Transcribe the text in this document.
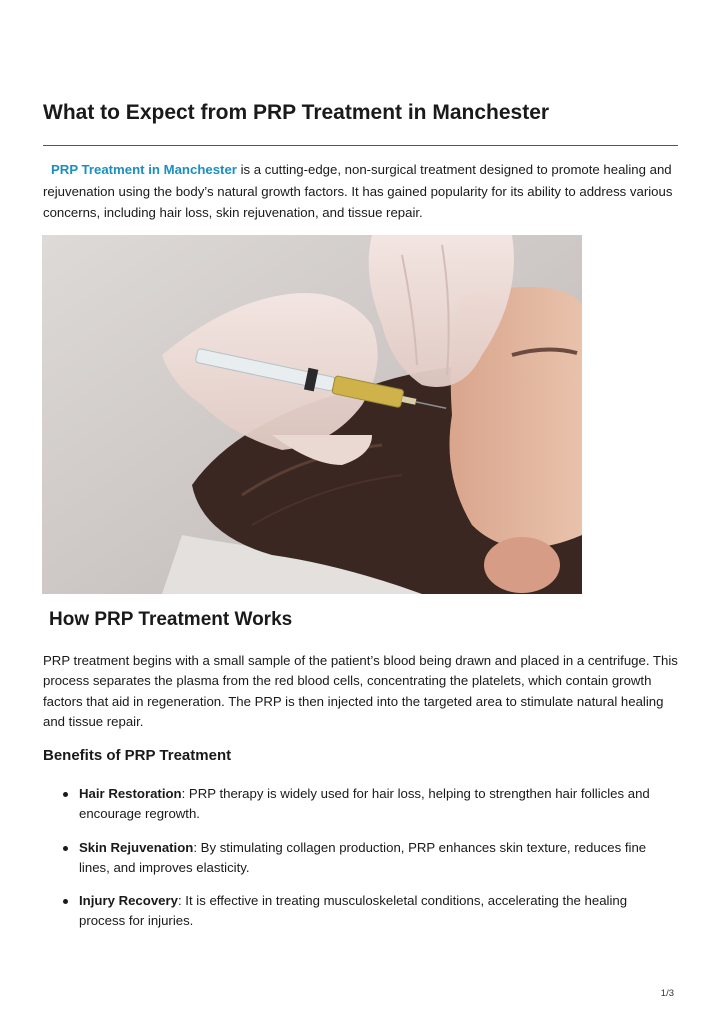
What to Expect from PRP Treatment in Manchester

PRP Treatment in Manchester is a cutting-edge, non-surgical treatment designed to promote healing and rejuvenation using the body’s natural growth factors. It has gained popularity for its ability to address various concerns, including hair loss, skin rejuvenation, and tissue repair.

How PRP Treatment Works

PRP treatment begins with a small sample of the patient’s blood being drawn and placed in a centrifuge. This process separates the plasma from the red blood cells, concentrating the platelets, which contain growth factors that aid in regeneration. The PRP is then injected into the targeted area to stimulate natural healing and tissue repair.

Benefits of PRP Treatment
Hair Restoration: PRP therapy is widely used for hair loss, helping to strengthen hair follicles and encourage regrowth.
Skin Rejuvenation: By stimulating collagen production, PRP enhances skin texture, reduces fine lines, and improves elasticity.
Injury Recovery: It is effective in treating musculoskeletal conditions, accelerating the healing process for injuries.
1/3
